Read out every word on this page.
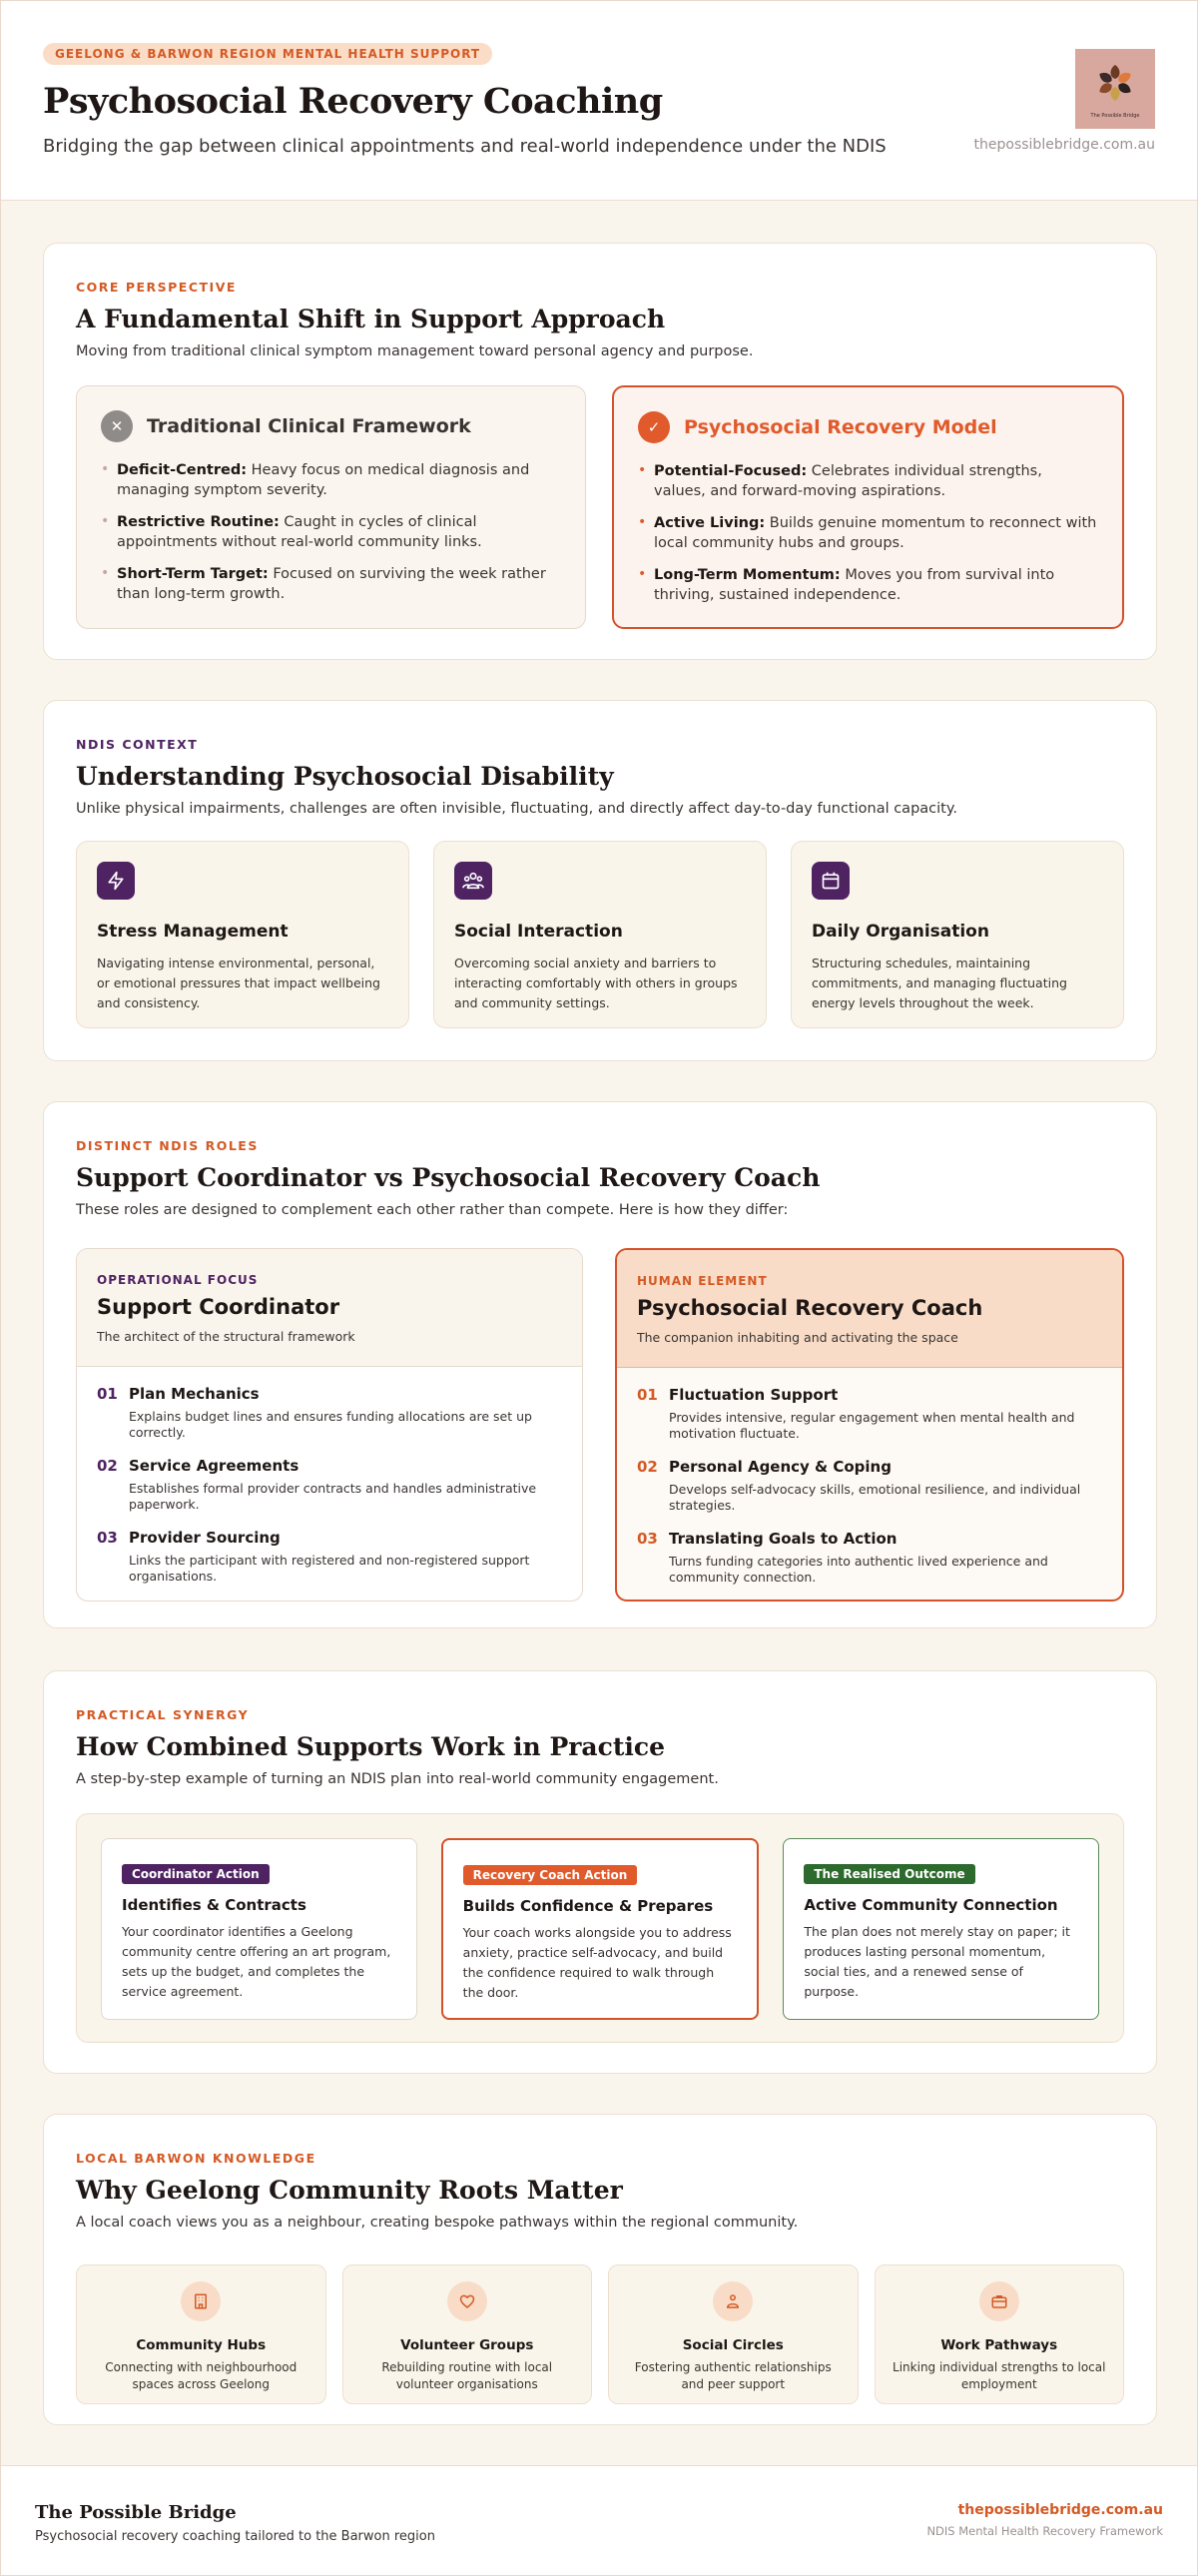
GEELONG & BARWON REGION MENTAL HEALTH SUPPORT
Psychosocial Recovery Coaching

Bridging the gap between clinical appointments and real-world independence under the NDIS

The Possible Bridge
thepossiblebridge.com.au
CORE PERSPECTIVE
A Fundamental Shift in Support Approach

Moving from traditional clinical symptom management toward personal agency and purpose.

✕	Traditional Clinical Framework
• Deficit-Centred: Heavy focus on medical diagnosis and managing symptom severity.
• Restrictive Routine: Caught in cycles of clinical appointments without real-world community links.
• Short-Term Target: Focused on surviving the week rather than long-term growth.
✓	Psychosocial Recovery Model
• Potential-Focused: Celebrates individual strengths, values, and forward-moving aspirations.
• Active Living: Builds genuine momentum to reconnect with local community hubs and groups.
• Long-Term Momentum: Moves you from survival into thriving, sustained independence.
NDIS CONTEXT
Understanding Psychosocial Disability

Unlike physical impairments, challenges are often invisible, fluctuating, and directly affect day-to-day functional capacity.

Stress Management
Navigating intense environmental, personal, or emotional pressures that impact wellbeing and consistency.
Social Interaction
Overcoming social anxiety and barriers to interacting comfortably with others in groups and community settings.
Daily Organisation
Structuring schedules, maintaining commitments, and managing fluctuating energy levels throughout the week.
DISTINCT NDIS ROLES
Support Coordinator vs Psychosocial Recovery Coach

These roles are designed to complement each other rather than compete. Here is how they differ:

OPERATIONAL FOCUS
Support Coordinator
The architect of the structural framework
01 Plan Mechanics
Explains budget lines and ensures funding allocations are set up correctly.
02 Service Agreements
Establishes formal provider contracts and handles administrative paperwork.
03 Provider Sourcing
Links the participant with registered and non-registered support organisations.
HUMAN ELEMENT
Psychosocial Recovery Coach
The companion inhabiting and activating the space
01 Fluctuation Support
Provides intensive, regular engagement when mental health and motivation fluctuate.
02 Personal Agency & Coping
Develops self-advocacy skills, emotional resilience, and individual strategies.
03 Translating Goals to Action
Turns funding categories into authentic lived experience and community connection.
PRACTICAL SYNERGY
How Combined Supports Work in Practice

A step-by-step example of turning an NDIS plan into real-world community engagement.

Coordinator Action
Identifies & Contracts
Your coordinator identifies a Geelong community centre offering an art program, sets up the budget, and completes the service agreement.
Recovery Coach Action
Builds Confidence & Prepares
Your coach works alongside you to address anxiety, practice self-advocacy, and build the confidence required to walk through the door.
The Realised Outcome
Active Community Connection
The plan does not merely stay on paper; it produces lasting personal momentum, social ties, and a renewed sense of purpose.
LOCAL BARWON KNOWLEDGE
Why Geelong Community Roots Matter

A local coach views you as a neighbour, creating bespoke pathways within the regional community.

Community Hubs
Connecting with neighbourhood spaces across Geelong
Volunteer Groups
Rebuilding routine with local volunteer organisations
Social Circles
Fostering authentic relationships and peer support
Work Pathways
Linking individual strengths to local employment
The Possible Bridge
Psychosocial recovery coaching tailored to the Barwon region
thepossiblebridge.com.au
NDIS Mental Health Recovery Framework
